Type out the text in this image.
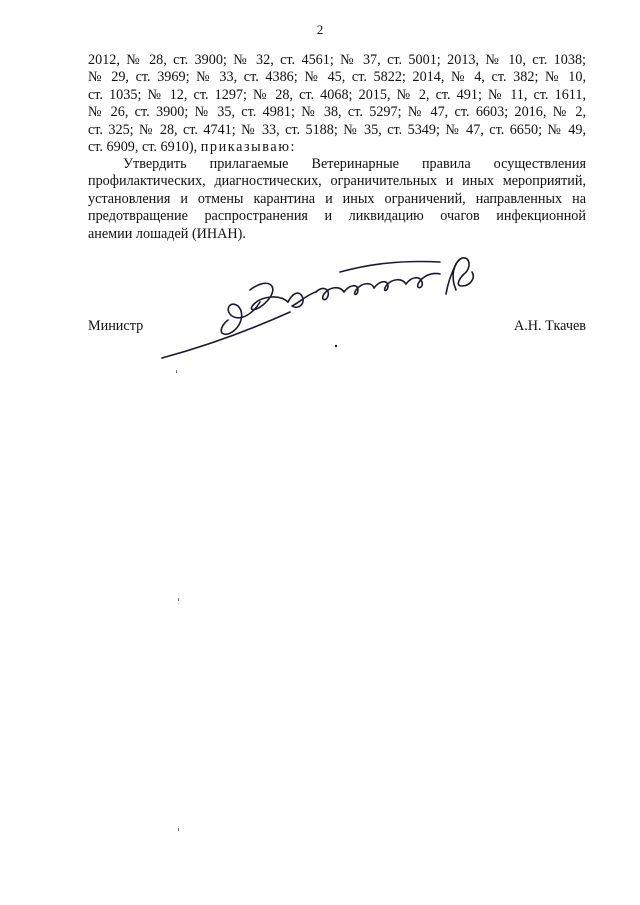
2
2012, № 28, ст. 3900; № 32, ст. 4561; № 37, ст. 5001; 2013, № 10, ст. 1038;
№ 29, ст. 3969; № 33, ст. 4386; № 45, ст. 5822; 2014, № 4, ст. 382; № 10,
ст. 1035; № 12, ст. 1297; № 28, ст. 4068; 2015, № 2, ст. 491; № 11, ст. 1611,
№ 26, ст. 3900; № 35, ст. 4981; № 38, ст. 5297; № 47, ст. 6603; 2016, № 2,
ст. 325; № 28, ст. 4741; № 33, ст. 5188; № 35, ст. 5349; № 47, ст. 6650; № 49,
ст. 6909, ст. 6910), приказываю:
Утвердить прилагаемые Ветеринарные правила осуществления
профилактических, диагностических, ограничительных и иных мероприятий,
установления и отмены карантина и иных ограничений, направленных на
предотвращение распространения и ликвидацию очагов инфекционной
анемии лошадей (ИНАН).
Министр	А.Н. Ткачев
